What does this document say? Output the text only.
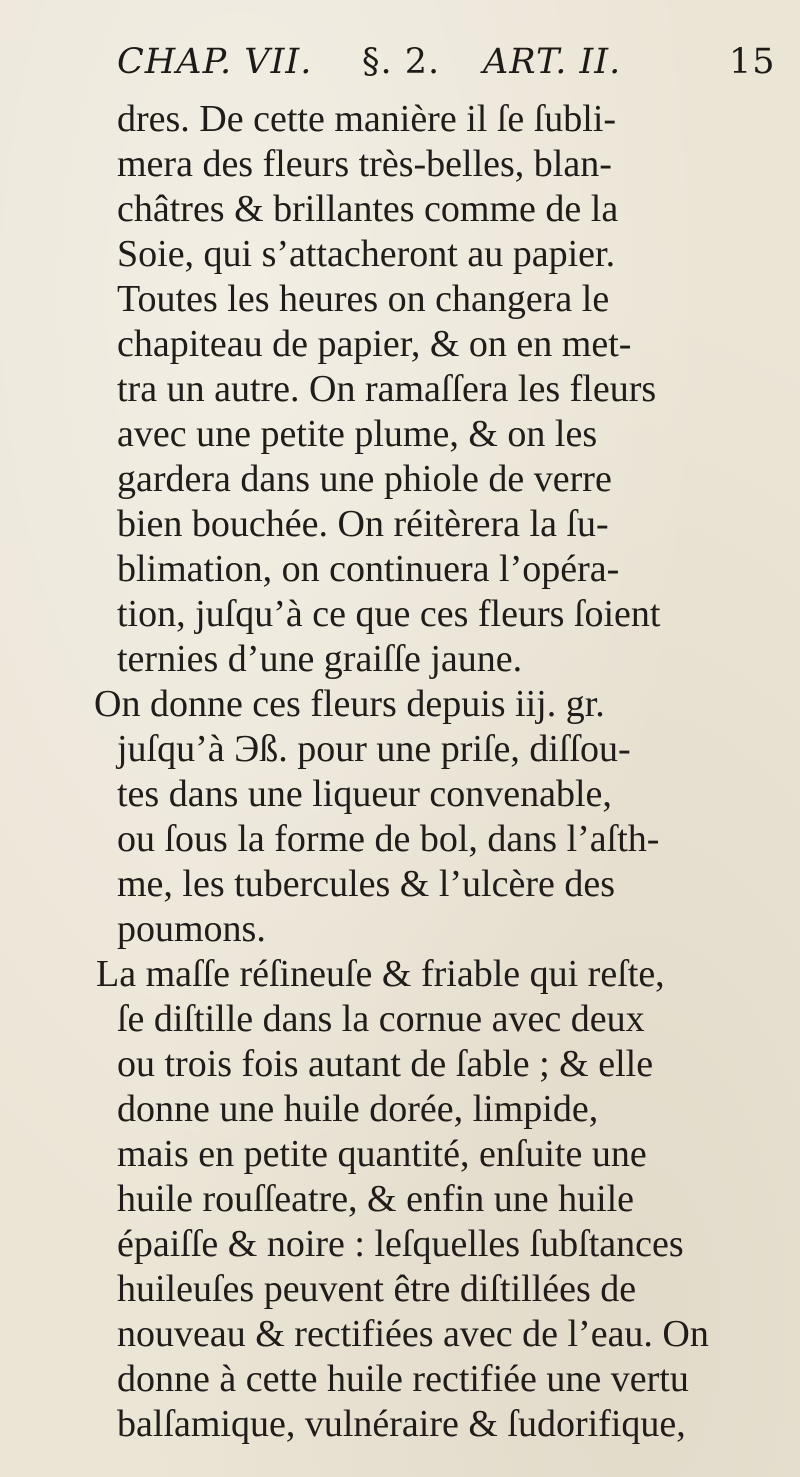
CHAP. VII. §. 2. ART. II.	15
dres. De cette manière il ſe ſubli-
mera des fleurs très-belles, blan-
châtres & brillantes comme de la
Soie, qui s’attacheront au papier.
Toutes les heures on changera le
chapiteau de papier, & on en met-
tra un autre. On ramaſſera les fleurs
avec une petite plume, & on les
gardera dans une phiole de verre
bien bouchée. On réitèrera la ſu-
blimation, on continuera l’opéra-
tion, juſqu’à ce que ces fleurs ſoient
ternies d’une graiſſe jaune.
On donne ces fleurs depuis iij. gr.
juſqu’à Эß. pour une priſe, diſſou-
tes dans une liqueur convenable,
ou ſous la forme de bol, dans l’aſth-
me, les tubercules & l’ulcère des
poumons.
La maſſe réſineuſe & friable qui reſte,
ſe diſtille dans la cornue avec deux
ou trois fois autant de ſable ; & elle
donne une huile dorée, limpide,
mais en petite quantité, enſuite une
huile rouſſeatre, & enfin une huile
épaiſſe & noire : leſquelles ſubſtances
huileuſes peuvent être diſtillées de
nouveau & rectifiées avec de l’eau. On
donne à cette huile rectifiée une vertu
balſamique, vulnéraire & ſudorifique,
